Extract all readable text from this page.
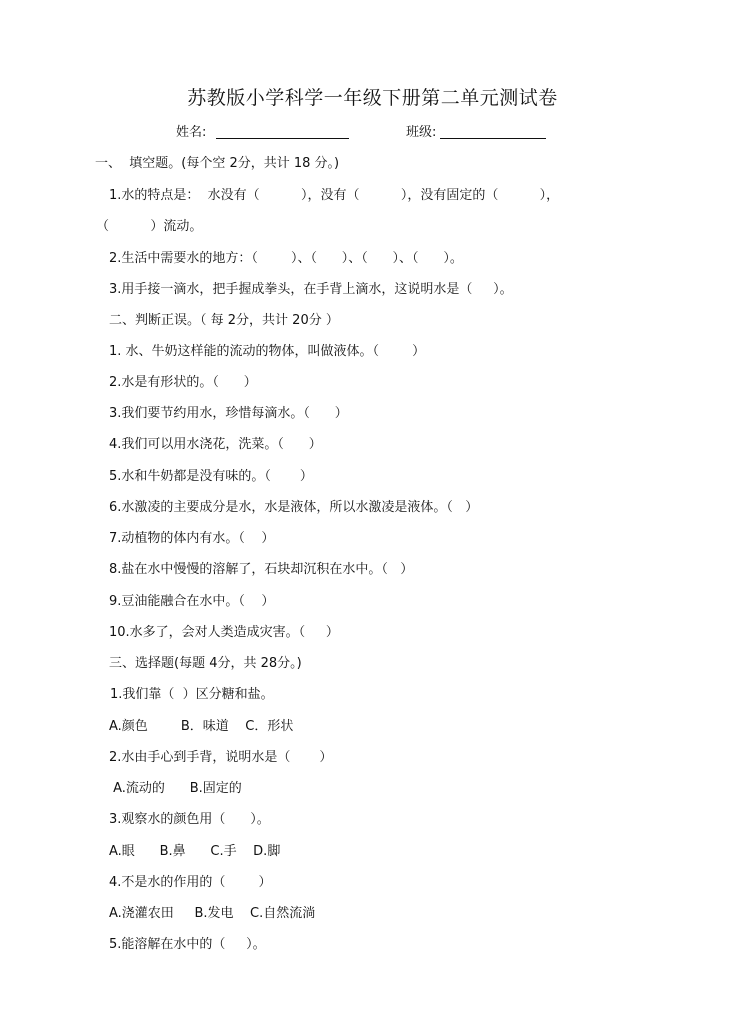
苏教版小学科学一年级下册第二单元测试卷
姓名:	班级:
一、  填空题。(每个空 2分，共计 18 分。)
1.水的特点是：  水没有（          ），没有（          ），没有固定的（          ），
（          ）流动。
2.生活中需要水的地方：（        ）、（      ）、（      ）、（      ）。
3.用手接一滴水，把手握成拳头，在手背上滴水，这说明水是（     ）。
二、判断正误。（ 每 2分，共计 20分 ）
1. 水、牛奶这样能的流动的物体，叫做液体。（        ）
2.水是有形状的。（      ）
3.我们要节约用水，珍惜每滴水。（      ）
4.我们可以用水浇花，洗菜。（      ）
5.水和牛奶都是没有味的。（       ）
6.水激凌的主要成分是水，水是液体，所以水激凌是液体。（   ）
7.动植物的体内有水。（    ）
8.盐在水中慢慢的溶解了，石块却沉积在水中。（   ）
9.豆油能融合在水中。（    ）
10.水多了，会对人类造成灾害。（     ）
三、选择题(每题 4分，共 28分。)
1.我们靠（  ）区分糖和盐。
A.颜色        B．味道    C．形状
2.水由手心到手背，说明水是（       ）
A.流动的      B.固定的
3.观察水的颜色用（      ）。
A.眼      B.鼻      C.手    D.脚
4.不是水的作用的（        ）
A.浇灌农田     B.发电    C.自然流淌
5.能溶解在水中的（     ）。
